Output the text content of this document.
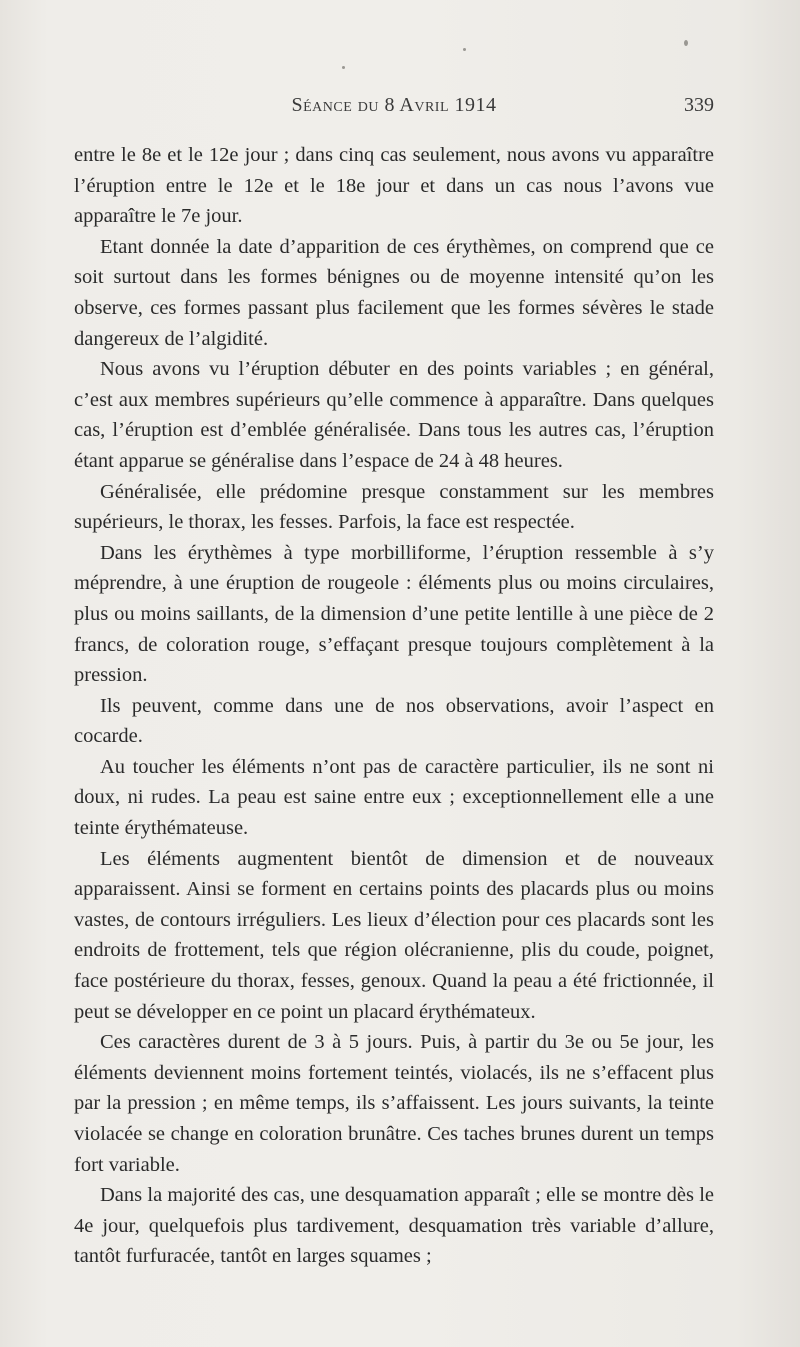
Séance du 8 Avril 1914	339

entre le 8e et le 12e jour ; dans cinq cas seulement, nous avons vu apparaître l’éruption entre le 12e et le 18e jour et dans un cas nous l’avons vue apparaître le 7e jour.

Etant donnée la date d’apparition de ces érythèmes, on comprend que ce soit surtout dans les formes bénignes ou de moyenne intensité qu’on les observe, ces formes passant plus facilement que les formes sévères le stade dangereux de l’algidité.

Nous avons vu l’éruption débuter en des points variables ; en général, c’est aux membres supérieurs qu’elle commence à apparaître. Dans quelques cas, l’éruption est d’emblée généralisée. Dans tous les autres cas, l’éruption étant apparue se généralise dans l’espace de 24 à 48 heures.

Généralisée, elle prédomine presque constamment sur les membres supérieurs, le thorax, les fesses. Parfois, la face est respectée.

Dans les érythèmes à type morbilliforme, l’éruption ressemble à s’y méprendre, à une éruption de rougeole : éléments plus ou moins circulaires, plus ou moins saillants, de la dimension d’une petite lentille à une pièce de 2 francs, de coloration rouge, s’effaçant presque toujours complètement à la pression.

Ils peuvent, comme dans une de nos observations, avoir l’aspect en cocarde.

Au toucher les éléments n’ont pas de caractère particulier, ils ne sont ni doux, ni rudes. La peau est saine entre eux ; exceptionnellement elle a une teinte érythémateuse.

Les éléments augmentent bientôt de dimension et de nouveaux apparaissent. Ainsi se forment en certains points des placards plus ou moins vastes, de contours irréguliers. Les lieux d’élection pour ces placards sont les endroits de frottement, tels que région olécranienne, plis du coude, poignet, face postérieure du thorax, fesses, genoux. Quand la peau a été frictionnée, il peut se développer en ce point un placard érythémateux.

Ces caractères durent de 3 à 5 jours. Puis, à partir du 3e ou 5e jour, les éléments deviennent moins fortement teintés, violacés, ils ne s’effacent plus par la pression ; en même temps, ils s’affaissent. Les jours suivants, la teinte violacée se change en coloration brunâtre. Ces taches brunes durent un temps fort variable.

Dans la majorité des cas, une desquamation apparaît ; elle se montre dès le 4e jour, quelquefois plus tardivement, desquamation très variable d’allure, tantôt furfuracée, tantôt en larges squames ;
